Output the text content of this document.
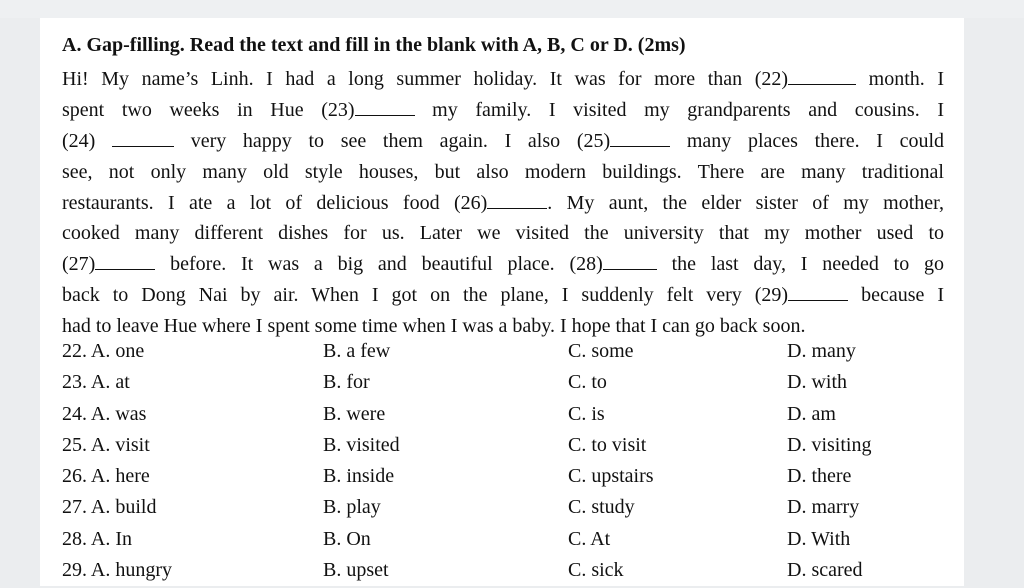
A. Gap-filling. Read the text and fill in the blank with A, B, C or D. (2ms)
Hi! My name’s Linh. I had a long summer holiday. It was for more than (22)	month. I
spent two weeks in Hue (23)	my family. I visited my grandparents and cousins. I
(24)	very happy to see them again. I also (25)	many places there. I could
see, not only many old style houses, but also modern buildings. There are many traditional
restaurants. I ate a lot of delicious food (26)	. My aunt, the elder sister of my mother,
cooked many different dishes for us. Later we visited the university that my mother used to
(27)	before. It was a big and beautiful place. (28)	the last day, I needed to go
back to Dong Nai by air. When I got on the plane, I suddenly felt very (29)	because I
had to leave Hue where I spent some time when I was a baby. I hope that I can go back soon.
22. A. one	B. a few	C. some	D. many
23. A. at	B. for	C. to	D. with
24. A. was	B. were	C. is	D. am
25. A. visit	B. visited	C. to visit	D. visiting
26. A. here	B. inside	C. upstairs	D. there
27. A. build	B. play	C. study	D. marry
28. A. In	B. On	C. At	D. With
29. A. hungry	B. upset	C. sick	D. scared
